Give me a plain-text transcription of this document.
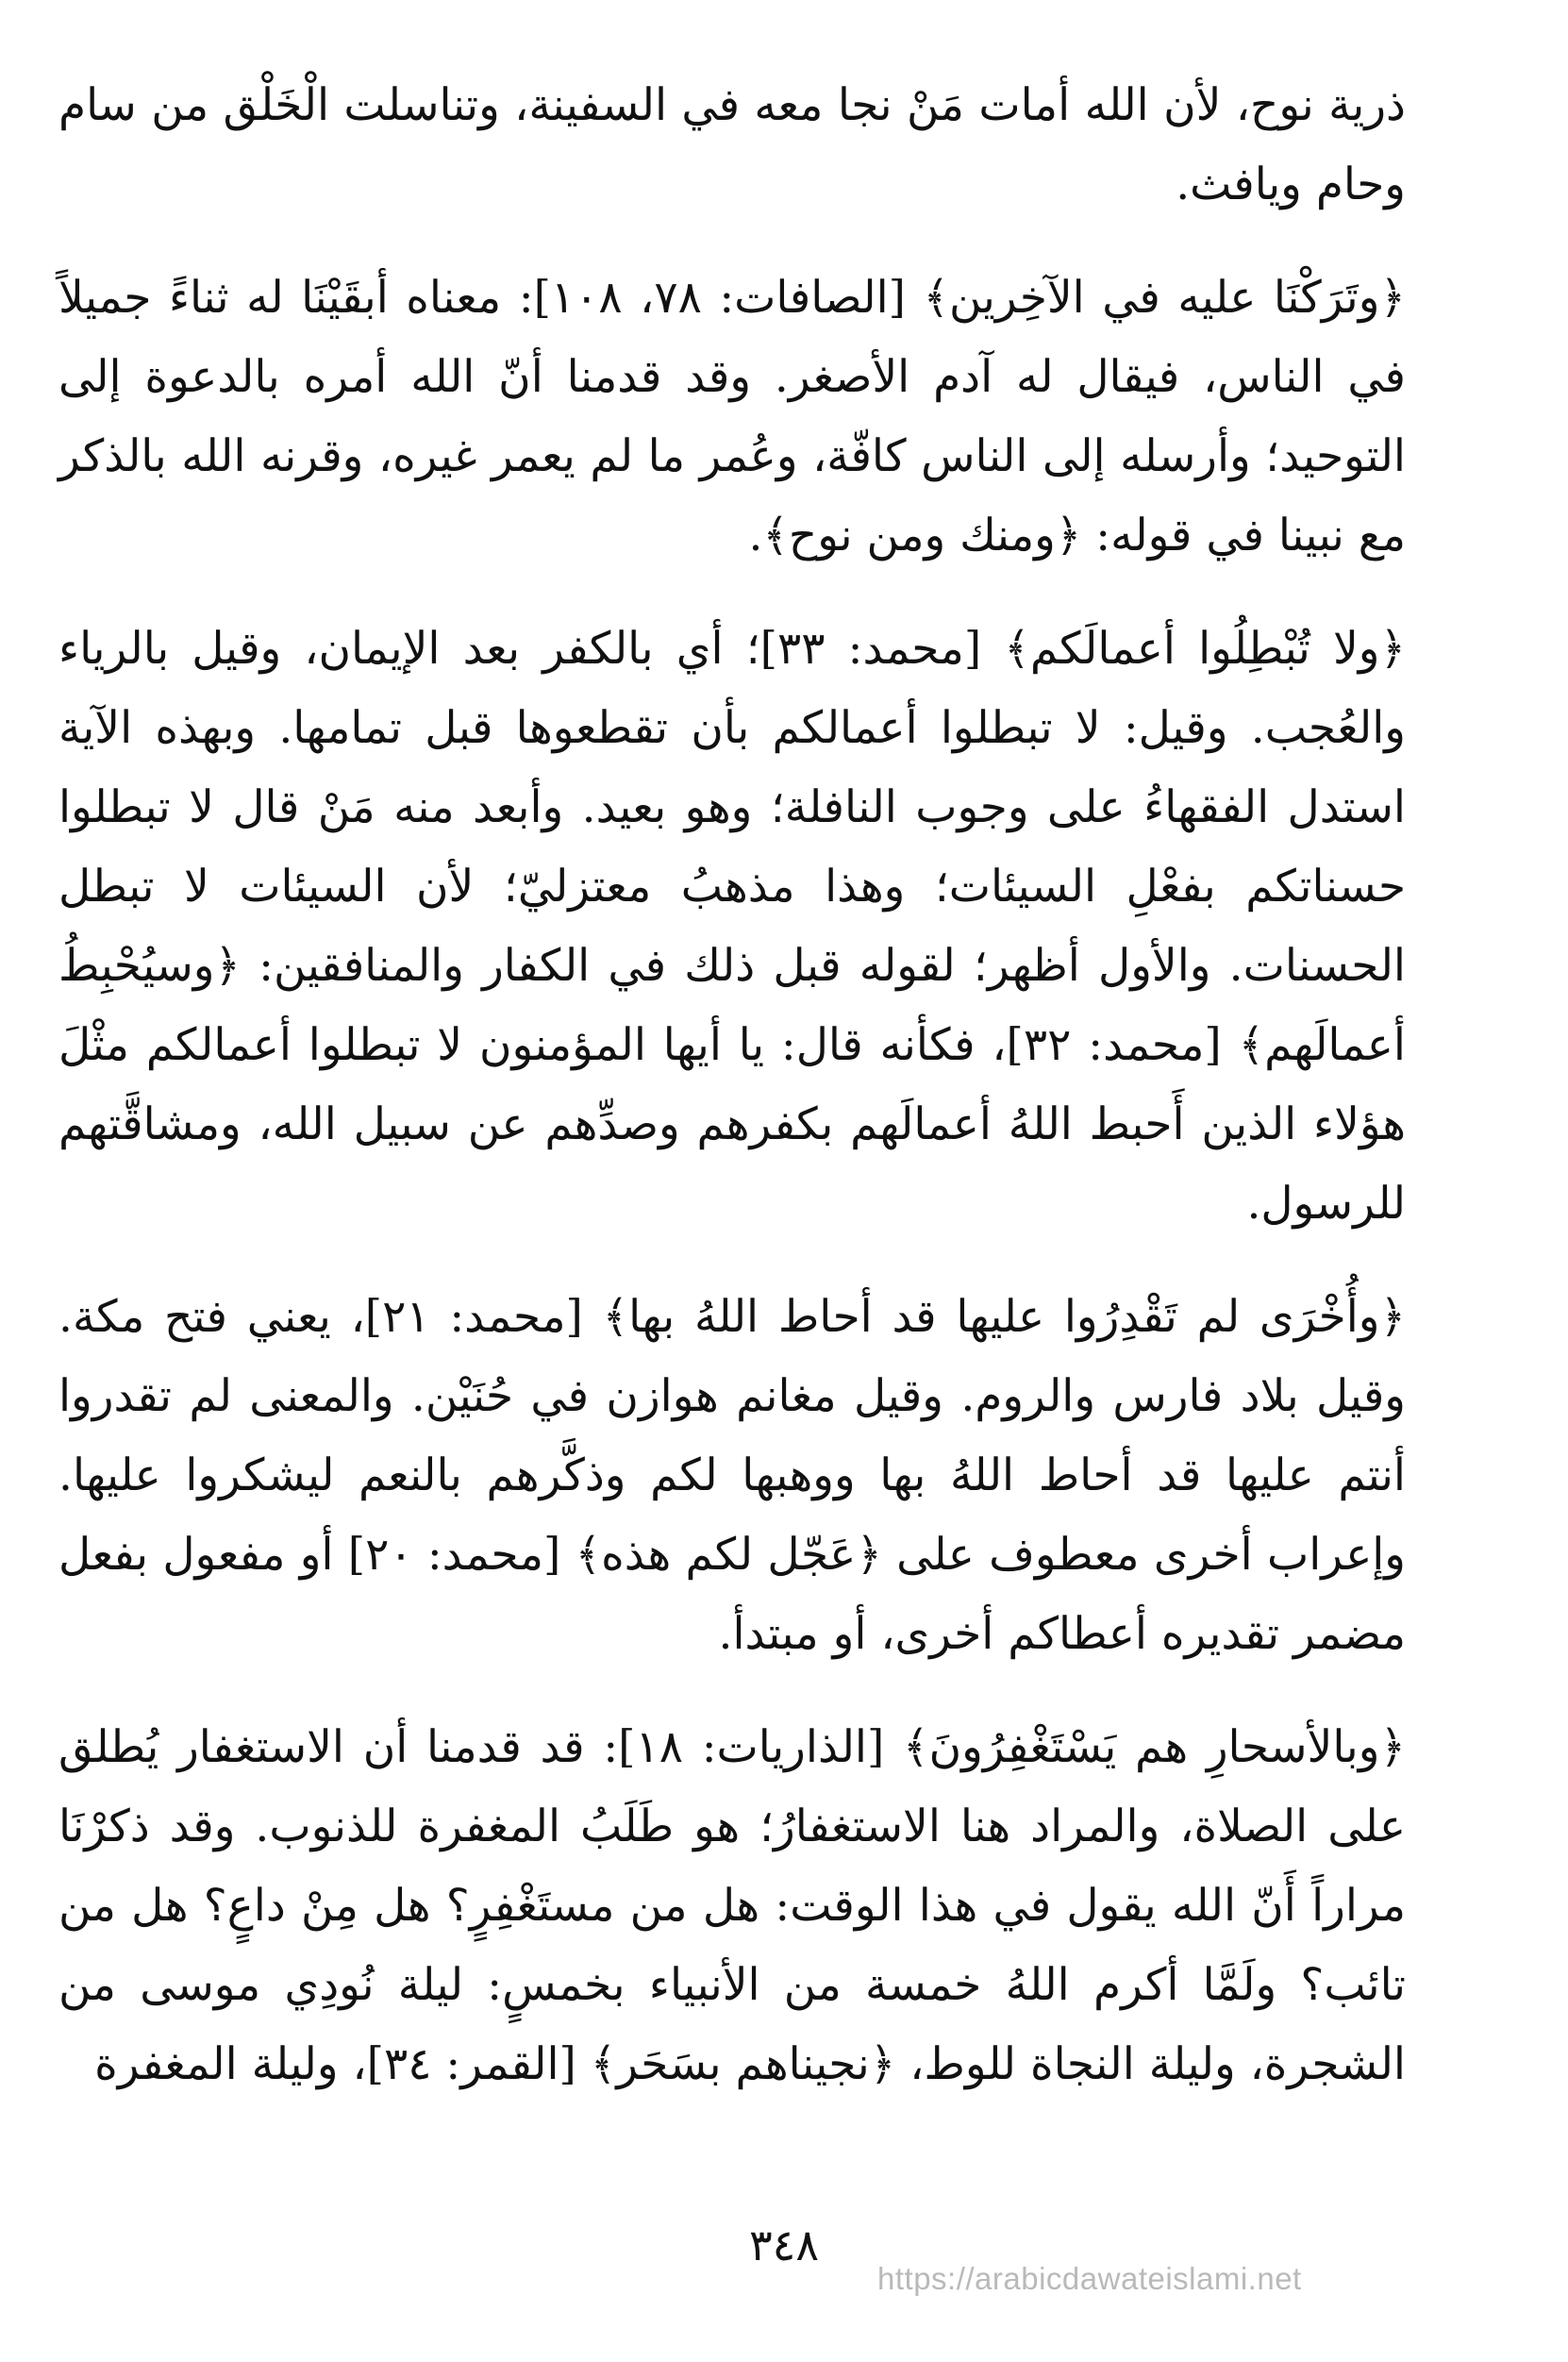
ذرية نوح، لأن الله أمات مَنْ نجا معه في السفينة، وتناسلت الْخَلْق من سام وحام ويافث.

﴿وتَرَكْنَا عليه في الآخِرين﴾ [الصافات: ٧٨، ١٠٨]: معناه أبقَيْنَا له ثناءً جميلاً في الناس، فيقال له آدم الأصغر. وقد قدمنا أنّ الله أمره بالدعوة إلى التوحيد؛ وأرسله إلى الناس كافّة، وعُمر ما لم يعمر غيره، وقرنه الله بالذكر مع نبينا في قوله: ﴿ومنك ومن نوح﴾.

﴿ولا تُبْطِلُوا أعمالَكم﴾ [محمد: ٣٣]؛ أي بالكفر بعد الإيمان، وقيل بالرياء والعُجب. وقيل: لا تبطلوا أعمالكم بأن تقطعوها قبل تمامها. وبهذه الآية استدل الفقهاءُ على وجوب النافلة؛ وهو بعيد. وأبعد منه مَنْ قال لا تبطلوا حسناتكم بفعْلِ السيئات؛ وهذا مذهبُ معتزليّ؛ لأن السيئات لا تبطل الحسنات. والأول أظهر؛ لقوله قبل ذلك في الكفار والمنافقين: ﴿وسيُحْبِطُ أعمالَهم﴾ [محمد: ٣٢]، فكأنه قال: يا أيها المؤمنون لا تبطلوا أعمالكم مثْلَ هؤلاء الذين أَحبط اللهُ أعمالَهم بكفرهم وصدِّهم عن سبيل الله، ومشاقَّتهم للرسول.

﴿وأُخْرَى لم تَقْدِرُوا عليها قد أحاط اللهُ بها﴾ [محمد: ٢١]، يعني فتح مكة. وقيل بلاد فارس والروم. وقيل مغانم هوازن في حُنَيْن. والمعنى لم تقدروا أنتم عليها قد أحاط اللهُ بها ووهبها لكم وذكَّرهم بالنعم ليشكروا عليها. وإعراب أخرى معطوف على ﴿عَجّل لكم هذه﴾ [محمد: ٢٠] أو مفعول بفعل مضمر تقديره أعطاكم أخرى، أو مبتدأ.

﴿وبالأسحارِ هم يَسْتَغْفِرُونَ﴾ [الذاريات: ١٨]: قد قدمنا أن الاستغفار يُطلق على الصلاة، والمراد هنا الاستغفارُ؛ هو طَلَبُ المغفرة للذنوب. وقد ذكرْنَا مراراً أَنّ الله يقول في هذا الوقت: هل من مستَغْفِرٍ؟ هل مِنْ داعٍ؟ هل من تائب؟ ولَمَّا أكرم اللهُ خمسة من الأنبياء بخمسٍ: ليلة نُودِي موسى من الشجرة، وليلة النجاة للوط، ﴿نجيناهم بسَحَر﴾ [القمر: ٣٤]، وليلة المغفرة

٣٤٨
https://arabicdawateislami.net
